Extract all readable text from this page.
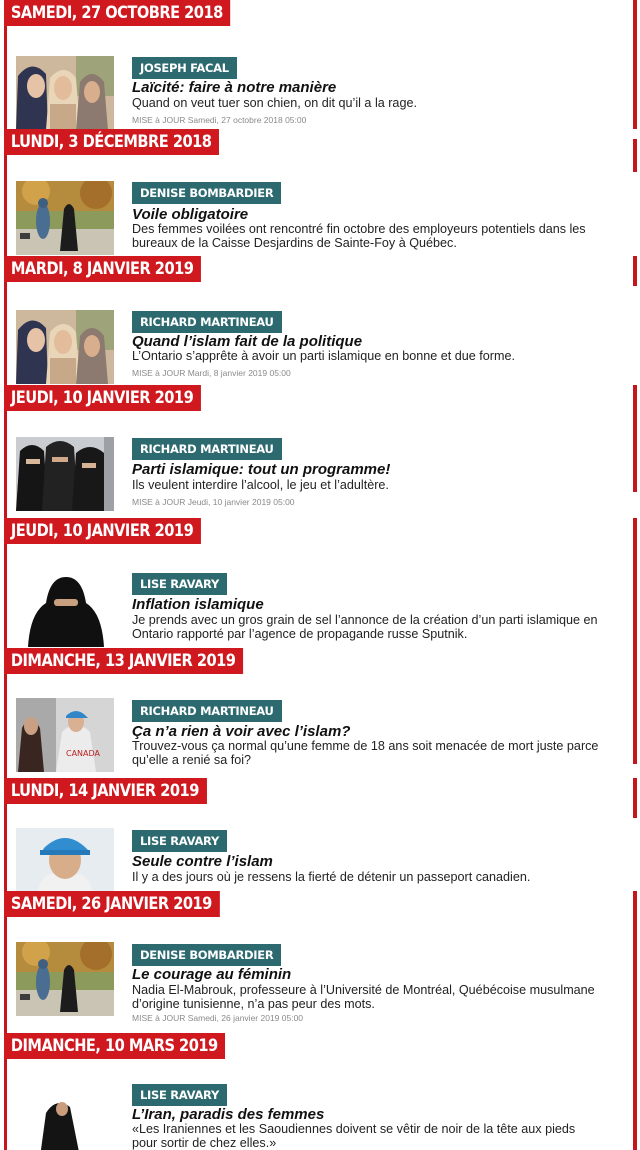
SAMEDI, 27 OCTOBRE 2018
JOSEPH FACAL
Laïcité: faire à notre manière
Quand on veut tuer son chien, on dit qu’il a la rage.
MISE à JOUR Samedi, 27 octobre 2018 05:00
LUNDI, 3 DÉCEMBRE 2018
DENISE BOMBARDIER
Voile obligatoire
Des femmes voilées ont rencontré fin octobre des employeurs potentiels dans les bureaux de la Caisse Desjardins de Sainte-Foy à Québec.
MARDI, 8 JANVIER 2019
RICHARD MARTINEAU
Quand l’islam fait de la politique
L’Ontario s’apprête à avoir un parti islamique en bonne et due forme.
MISE à JOUR Mardi, 8 janvier 2019 05:00
JEUDI, 10 JANVIER 2019
RICHARD MARTINEAU
Parti islamique: tout un programme!
Ils veulent interdire l’alcool, le jeu et l’adultère.
MISE à JOUR Jeudi, 10 janvier 2019 05:00
JEUDI, 10 JANVIER 2019
LISE RAVARY
Inflation islamique
Je prends avec un gros grain de sel l’annonce de la création d’un parti islamique en Ontario rapporté par l’agence de propagande russe Sputnik.
DIMANCHE, 13 JANVIER 2019
CANADA
RICHARD MARTINEAU
Ça n’a rien à voir avec l’islam?
Trouvez-vous ça normal qu’une femme de 18 ans soit menacée de mort juste parce qu’elle a renié sa foi?
LUNDI, 14 JANVIER 2019
LISE RAVARY
Seule contre l’islam
Il y a des jours où je ressens la fierté de détenir un passeport canadien.
SAMEDI, 26 JANVIER 2019
DENISE BOMBARDIER
Le courage au féminin
Nadia El-Mabrouk, professeure à l’Université de Montréal, Québécoise musulmane d’origine tunisienne, n’a pas peur des mots.
MISE à JOUR Samedi, 26 janvier 2019 05:00
DIMANCHE, 10 MARS 2019
LISE RAVARY
L’Iran, paradis des femmes
«Les Iraniennes et les Saoudiennes doivent se vêtir de noir de la tête aux pieds pour sortir de chez elles.»
